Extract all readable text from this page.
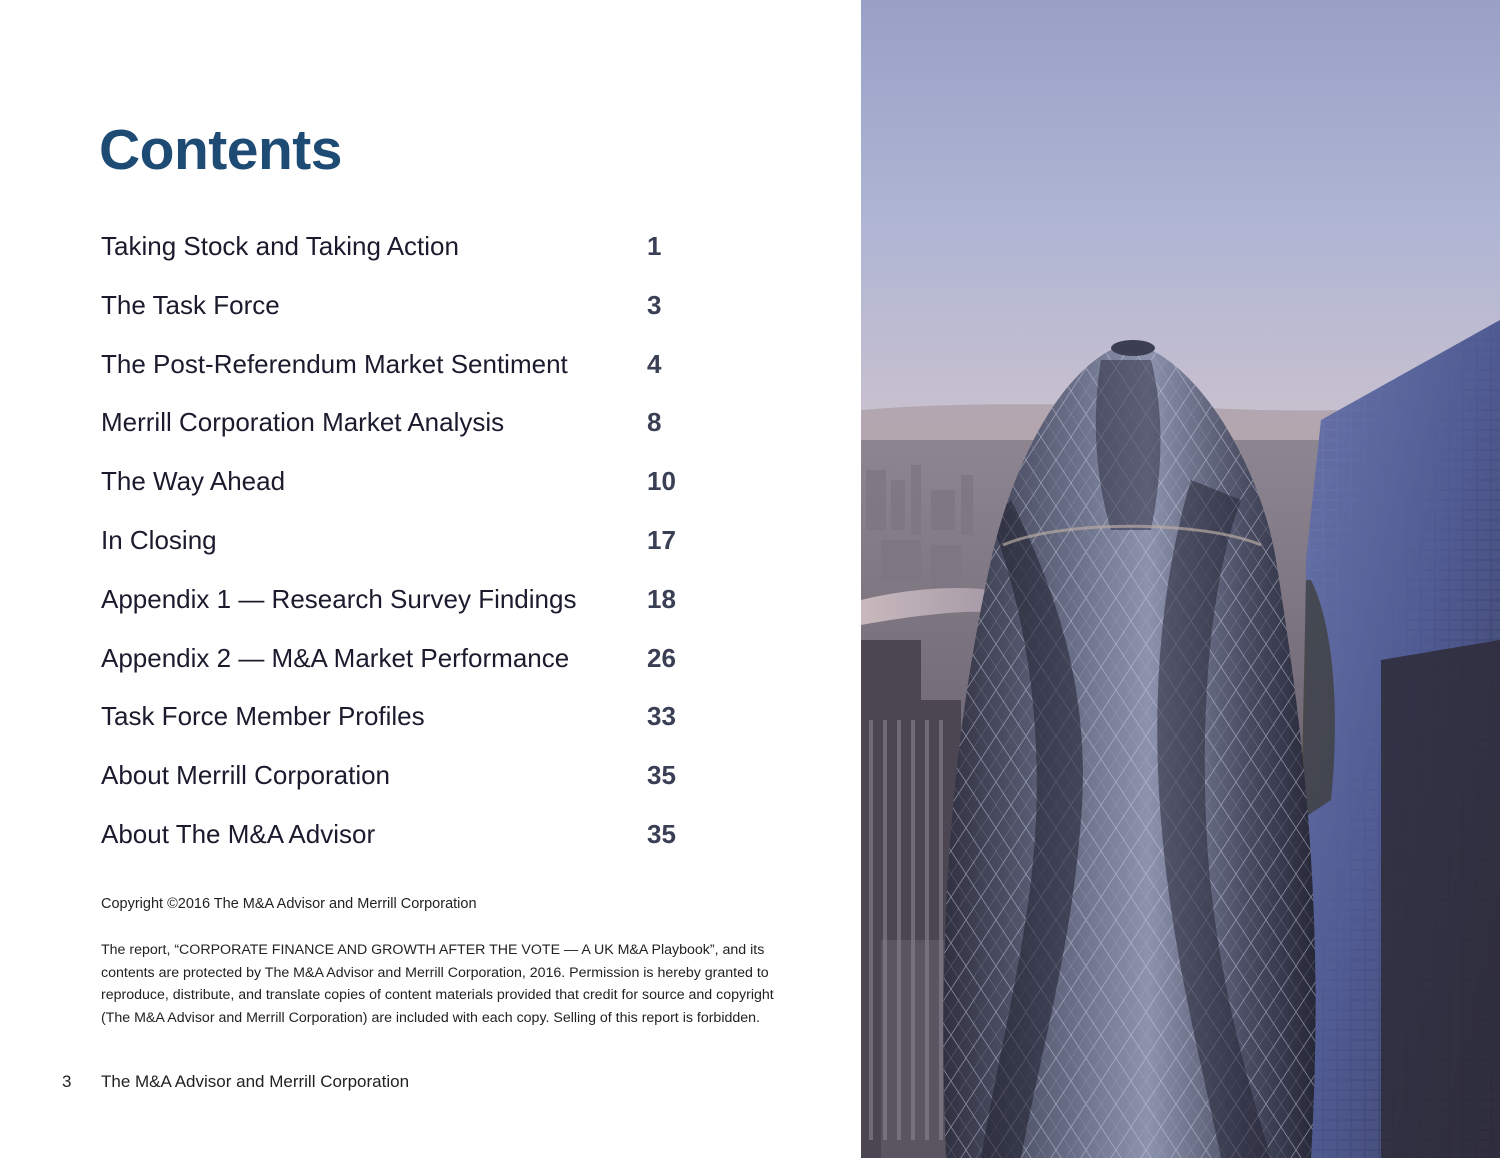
Contents
Taking Stock and Taking Action	1
The Task Force	3
The Post-Referendum Market Sentiment	4
Merrill Corporation Market Analysis	8
The Way Ahead	10
In Closing	17
Appendix 1 — Research Survey Findings	18
Appendix 2 — M&A Market Performance	26
Task Force Member Profiles	33
About Merrill Corporation	35
About The M&A Advisor	35

Copyright ©2016 The M&A Advisor and Merrill Corporation

The report, “CORPORATE FINANCE AND GROWTH AFTER THE VOTE — A UK M&A Playbook”, and its contents are protected by The M&A Advisor and Merrill Corporation, 2016. Permission is hereby granted to reproduce, distribute, and translate copies of content materials provided that credit for source and copyright (The M&A Advisor and Merrill Corporation) are included with each copy. Selling of this report is forbidden.

3 The M&A Advisor and Merrill Corporation
